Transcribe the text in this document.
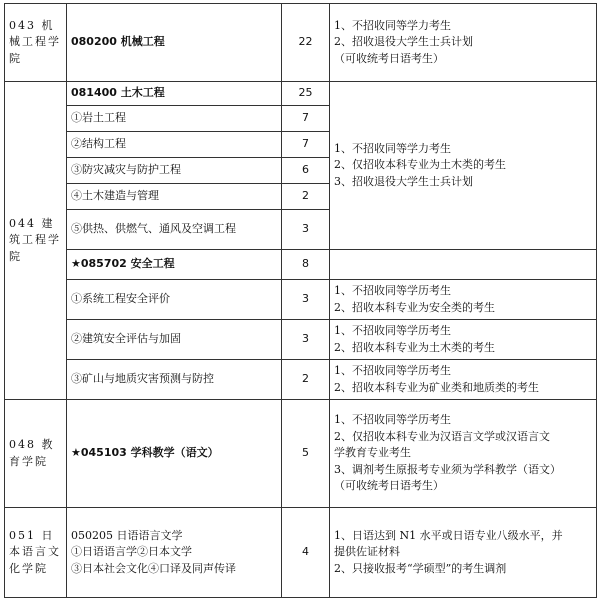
043 机械工程学院	080200 机械工程	22	1、不招收同等学力考生
2、招收退役大学生士兵计划
（可收统考日语考生）

044 建筑工程学院	081400 土木工程	25	1、不招收同等学力考生
2、仅招收本科专业为土木类的考生
3、招收退役大学生士兵计划

	①岩土工程	7	
	②结构工程	7	
	③防灾减灾与防护工程	6	
	④土木建造与管理	2	
	⑤供热、供燃气、通风及空调工程	3	
	★085702 安全工程	8	
	①系统工程安全评价	3	1、不招收同等学历考生
2、招收本科专业为安全类的考生

	②建筑安全评估与加固	3	1、不招收同等学历考生
2、招收本科专业为土木类的考生

	③矿山与地质灾害预测与防控	2	1、不招收同等学历考生
2、招收本科专业为矿业类和地质类的考生

048 教育学院	★045103 学科教学（语文）	5	1、不招收同等学历考生
2、仅招收本科专业为汉语言文学或汉语言文
学教育专业考生
3、调剂考生原报考专业须为学科教学（语文）
（可收统考日语考生）

051 日本语言文化学院	050205 日语语言文学
①日语语言学②日本文学
③日本社会文化④口译及同声传译	4	1、日语达到 N1 水平或日语专业八级水平，并
提供佐证材料
2、只接收报考“学硕型”的考生调剂
